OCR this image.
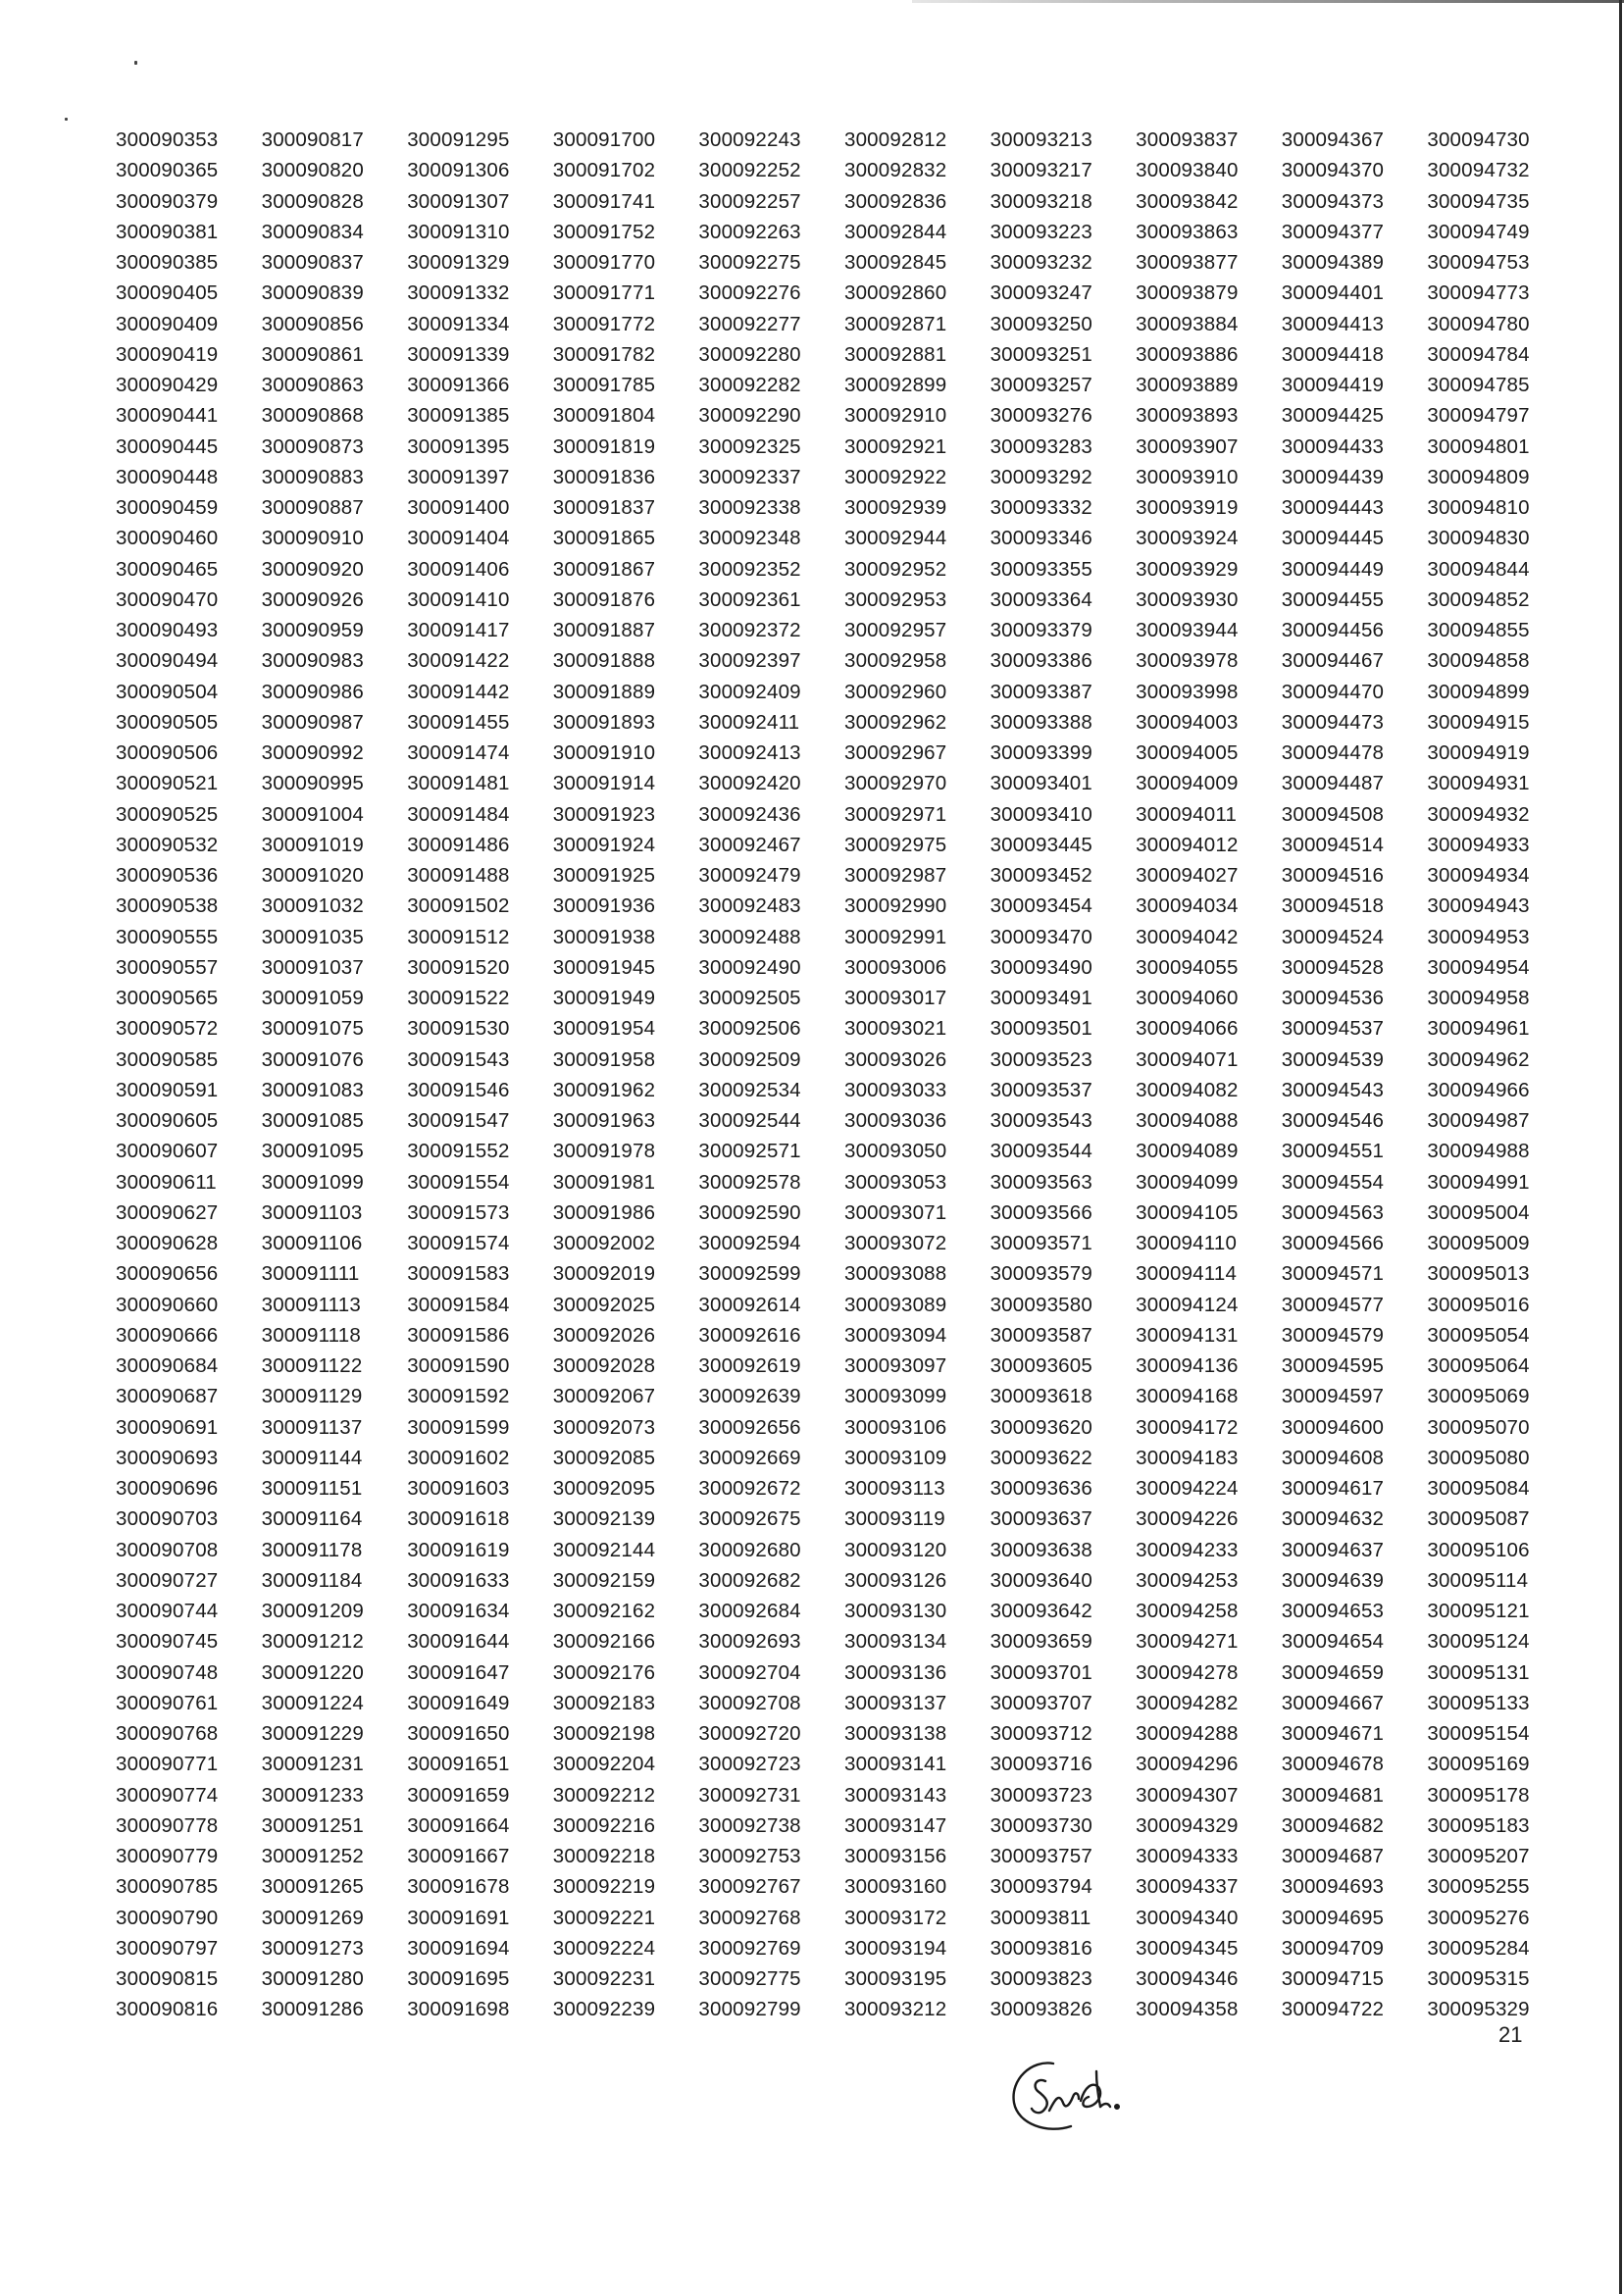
300090353
300090365
300090379
300090381
300090385
300090405
300090409
300090419
300090429
300090441
300090445
300090448
300090459
300090460
300090465
300090470
300090493
300090494
300090504
300090505
300090506
300090521
300090525
300090532
300090536
300090538
300090555
300090557
300090565
300090572
300090585
300090591
300090605
300090607
300090611
300090627
300090628
300090656
300090660
300090666
300090684
300090687
300090691
300090693
300090696
300090703
300090708
300090727
300090744
300090745
300090748
300090761
300090768
300090771
300090774
300090778
300090779
300090785
300090790
300090797
300090815
300090816
300090817
300090820
300090828
300090834
300090837
300090839
300090856
300090861
300090863
300090868
300090873
300090883
300090887
300090910
300090920
300090926
300090959
300090983
300090986
300090987
300090992
300090995
300091004
300091019
300091020
300091032
300091035
300091037
300091059
300091075
300091076
300091083
300091085
300091095
300091099
300091103
300091106
300091111
300091113
300091118
300091122
300091129
300091137
300091144
300091151
300091164
300091178
300091184
300091209
300091212
300091220
300091224
300091229
300091231
300091233
300091251
300091252
300091265
300091269
300091273
300091280
300091286
300091295
300091306
300091307
300091310
300091329
300091332
300091334
300091339
300091366
300091385
300091395
300091397
300091400
300091404
300091406
300091410
300091417
300091422
300091442
300091455
300091474
300091481
300091484
300091486
300091488
300091502
300091512
300091520
300091522
300091530
300091543
300091546
300091547
300091552
300091554
300091573
300091574
300091583
300091584
300091586
300091590
300091592
300091599
300091602
300091603
300091618
300091619
300091633
300091634
300091644
300091647
300091649
300091650
300091651
300091659
300091664
300091667
300091678
300091691
300091694
300091695
300091698
300091700
300091702
300091741
300091752
300091770
300091771
300091772
300091782
300091785
300091804
300091819
300091836
300091837
300091865
300091867
300091876
300091887
300091888
300091889
300091893
300091910
300091914
300091923
300091924
300091925
300091936
300091938
300091945
300091949
300091954
300091958
300091962
300091963
300091978
300091981
300091986
300092002
300092019
300092025
300092026
300092028
300092067
300092073
300092085
300092095
300092139
300092144
300092159
300092162
300092166
300092176
300092183
300092198
300092204
300092212
300092216
300092218
300092219
300092221
300092224
300092231
300092239
300092243
300092252
300092257
300092263
300092275
300092276
300092277
300092280
300092282
300092290
300092325
300092337
300092338
300092348
300092352
300092361
300092372
300092397
300092409
300092411
300092413
300092420
300092436
300092467
300092479
300092483
300092488
300092490
300092505
300092506
300092509
300092534
300092544
300092571
300092578
300092590
300092594
300092599
300092614
300092616
300092619
300092639
300092656
300092669
300092672
300092675
300092680
300092682
300092684
300092693
300092704
300092708
300092720
300092723
300092731
300092738
300092753
300092767
300092768
300092769
300092775
300092799
300092812
300092832
300092836
300092844
300092845
300092860
300092871
300092881
300092899
300092910
300092921
300092922
300092939
300092944
300092952
300092953
300092957
300092958
300092960
300092962
300092967
300092970
300092971
300092975
300092987
300092990
300092991
300093006
300093017
300093021
300093026
300093033
300093036
300093050
300093053
300093071
300093072
300093088
300093089
300093094
300093097
300093099
300093106
300093109
300093113
300093119
300093120
300093126
300093130
300093134
300093136
300093137
300093138
300093141
300093143
300093147
300093156
300093160
300093172
300093194
300093195
300093212
300093213
300093217
300093218
300093223
300093232
300093247
300093250
300093251
300093257
300093276
300093283
300093292
300093332
300093346
300093355
300093364
300093379
300093386
300093387
300093388
300093399
300093401
300093410
300093445
300093452
300093454
300093470
300093490
300093491
300093501
300093523
300093537
300093543
300093544
300093563
300093566
300093571
300093579
300093580
300093587
300093605
300093618
300093620
300093622
300093636
300093637
300093638
300093640
300093642
300093659
300093701
300093707
300093712
300093716
300093723
300093730
300093757
300093794
300093811
300093816
300093823
300093826
300093837
300093840
300093842
300093863
300093877
300093879
300093884
300093886
300093889
300093893
300093907
300093910
300093919
300093924
300093929
300093930
300093944
300093978
300093998
300094003
300094005
300094009
300094011
300094012
300094027
300094034
300094042
300094055
300094060
300094066
300094071
300094082
300094088
300094089
300094099
300094105
300094110
300094114
300094124
300094131
300094136
300094168
300094172
300094183
300094224
300094226
300094233
300094253
300094258
300094271
300094278
300094282
300094288
300094296
300094307
300094329
300094333
300094337
300094340
300094345
300094346
300094358
300094367
300094370
300094373
300094377
300094389
300094401
300094413
300094418
300094419
300094425
300094433
300094439
300094443
300094445
300094449
300094455
300094456
300094467
300094470
300094473
300094478
300094487
300094508
300094514
300094516
300094518
300094524
300094528
300094536
300094537
300094539
300094543
300094546
300094551
300094554
300094563
300094566
300094571
300094577
300094579
300094595
300094597
300094600
300094608
300094617
300094632
300094637
300094639
300094653
300094654
300094659
300094667
300094671
300094678
300094681
300094682
300094687
300094693
300094695
300094709
300094715
300094722
300094730
300094732
300094735
300094749
300094753
300094773
300094780
300094784
300094785
300094797
300094801
300094809
300094810
300094830
300094844
300094852
300094855
300094858
300094899
300094915
300094919
300094931
300094932
300094933
300094934
300094943
300094953
300094954
300094958
300094961
300094962
300094966
300094987
300094988
300094991
300095004
300095009
300095013
300095016
300095054
300095064
300095069
300095070
300095080
300095084
300095087
300095106
300095114
300095121
300095124
300095131
300095133
300095154
300095169
300095178
300095183
300095207
300095255
300095276
300095284
300095315
300095329
21
